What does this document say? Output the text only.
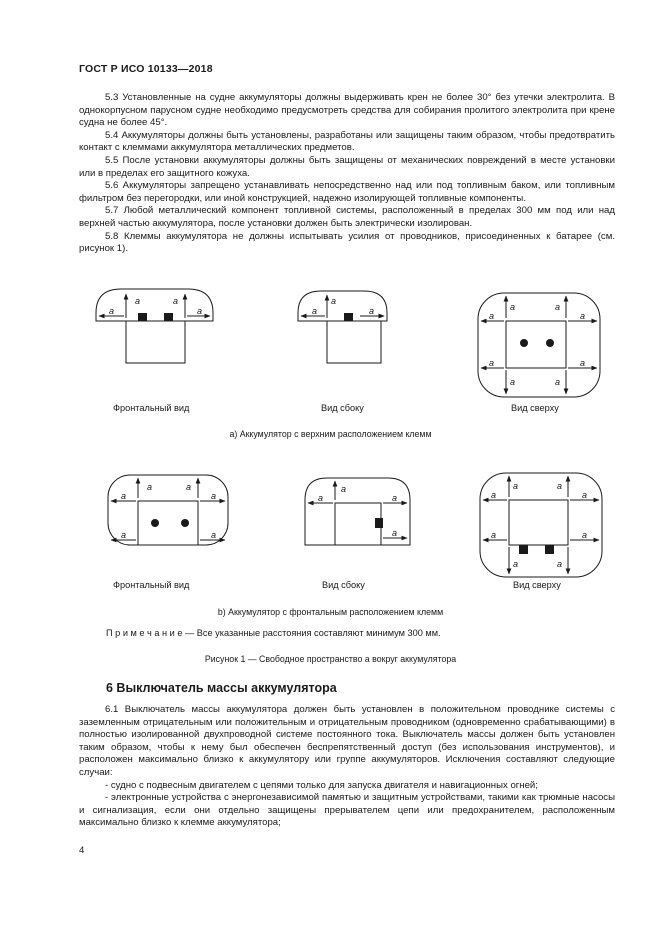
ГОСТ Р ИСО 10133—2018

5.3 Установленные на судне аккумуляторы должны выдерживать крен не более 30° без утечки электролита. В однокорпусном парусном судне необходимо предусмотреть средства для собирания пролитого электролита при крене судна не более 45°.

5.4 Аккумуляторы должны быть установлены, разработаны или защищены таким образом, чтобы предотвратить контакт с клеммами аккумулятора металлических предметов.

5.5 После установки аккумуляторы должны быть защищены от механических повреждений в месте установки или в пределах его защитного кожуха.

5.6 Аккумуляторы запрещено устанавливать непосредственно над или под топливным баком, или топливным фильтром без перегородки, или иной конструкцией, надежно изолирующей топливные компоненты.

5.7 Любой металлический компонент топливной системы, расположенный в пределах 300 мм под или над верхней частью аккумулятора, после установки должен быть электрически изолирован.

5.8 Клеммы аккумулятора не должны испытывать усилия от проводников, присоединенных к батарее (см. рисунок 1).

a	a
a	a	a
a
a	a	a
a	a
a	a
a	a
a	a
a	a
a	a
a
a	a
a
a	a
a	a
a	a
a	a
Фронтальный вид	Вид сбоку	Вид сверху
а) Аккумулятор с верхним расположением клемм
Фронтальный вид	Вид сбоку	Вид сверху
b) Аккумулятор с фронтальным расположением клемм
П р и м е ч а н и е — Все указанные расстояния составляют минимум 300 мм.
Рисунок 1 — Свободное пространство а вокруг аккумулятора
6 Выключатель массы аккумулятора

6.1 Выключатель массы аккумулятора должен быть установлен в положительном проводнике системы с заземленным отрицательным или положительным и отрицательным проводником (одновременно срабатывающими) в полностью изолированной двухпроводной системе постоянного тока. Выключатель массы должен быть установлен таким образом, чтобы к нему был обеспечен беспрепятственный доступ (без использования инструментов), и расположен максимально близко к аккумулятору или группе аккумуляторов. Исключения составляют следующие случаи:

- судно с подвесным двигателем с цепями только для запуска двигателя и навигационных огней;

- электронные устройства с энергонезависимой памятью и защитным устройствами, такими как трюмные насосы и сигнализация, если они отдельно защищены прерывателем цепи или предохранителем, расположенным максимально близко к клемме аккумулятора;

4
